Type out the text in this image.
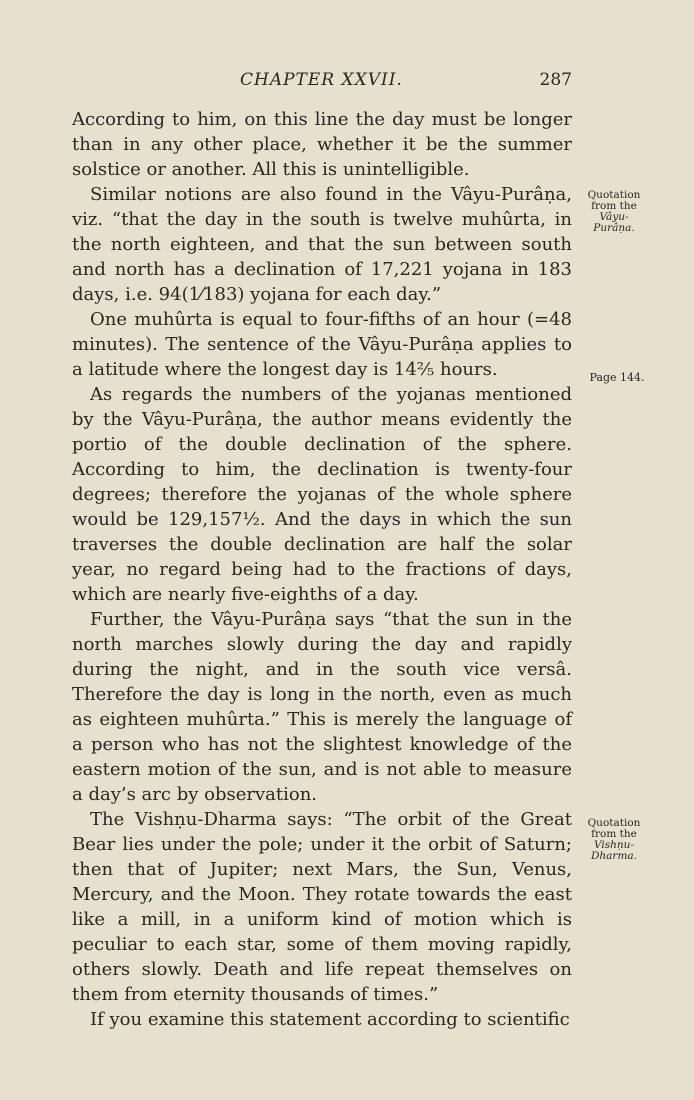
CHAPTER XXVII.	287

According to him, on this line the day must be longer than in any other place, whether it be the summer solstice or another. All this is unintelligible.

Similar notions are also found in the Vâyu-Purâṇa, viz. “that the day in the south is twelve muhûrta, in the north eighteen, and that the sun between south and north has a declination of 17,221 yojana in 183 days, i.e. 94(1⁄183) yojana for each day.”

One muhûrta is equal to four-fifths of an hour (=48 minutes). The sentence of the Vâyu-Purâṇa applies to a latitude where the longest day is 14⅖ hours.

As regards the numbers of the yojanas mentioned by the Vâyu-Purâṇa, the author means evidently the portio of the double declination of the sphere. According to him, the declination is twenty-four degrees; therefore the yojanas of the whole sphere would be 129,157½. And the days in which the sun traverses the double declination are half the solar year, no regard being had to the fractions of days, which are nearly five-eighths of a day.

Further, the Vâyu-Purâṇa says “that the sun in the north marches slowly during the day and rapidly during the night, and in the south vice versâ. Therefore the day is long in the north, even as much as eighteen muhûrta.” This is merely the language of a person who has not the slightest knowledge of the eastern motion of the sun, and is not able to measure a day’s arc by observation.

The Vishṇu-Dharma says: “The orbit of the Great Bear lies under the pole; under it the orbit of Saturn; then that of Jupiter; next Mars, the Sun, Venus, Mercury, and the Moon. They rotate towards the east like a mill, in a uniform kind of motion which is peculiar to each star, some of them moving rapidly, others slowly. Death and life repeat themselves on them from eternity thousands of times.”

If you examine this statement according to scientific

Quotation
from the
Vâyu-
Purâṇa.
Page 144.
Quotation
from the
Vishṇu-
Dharma.
